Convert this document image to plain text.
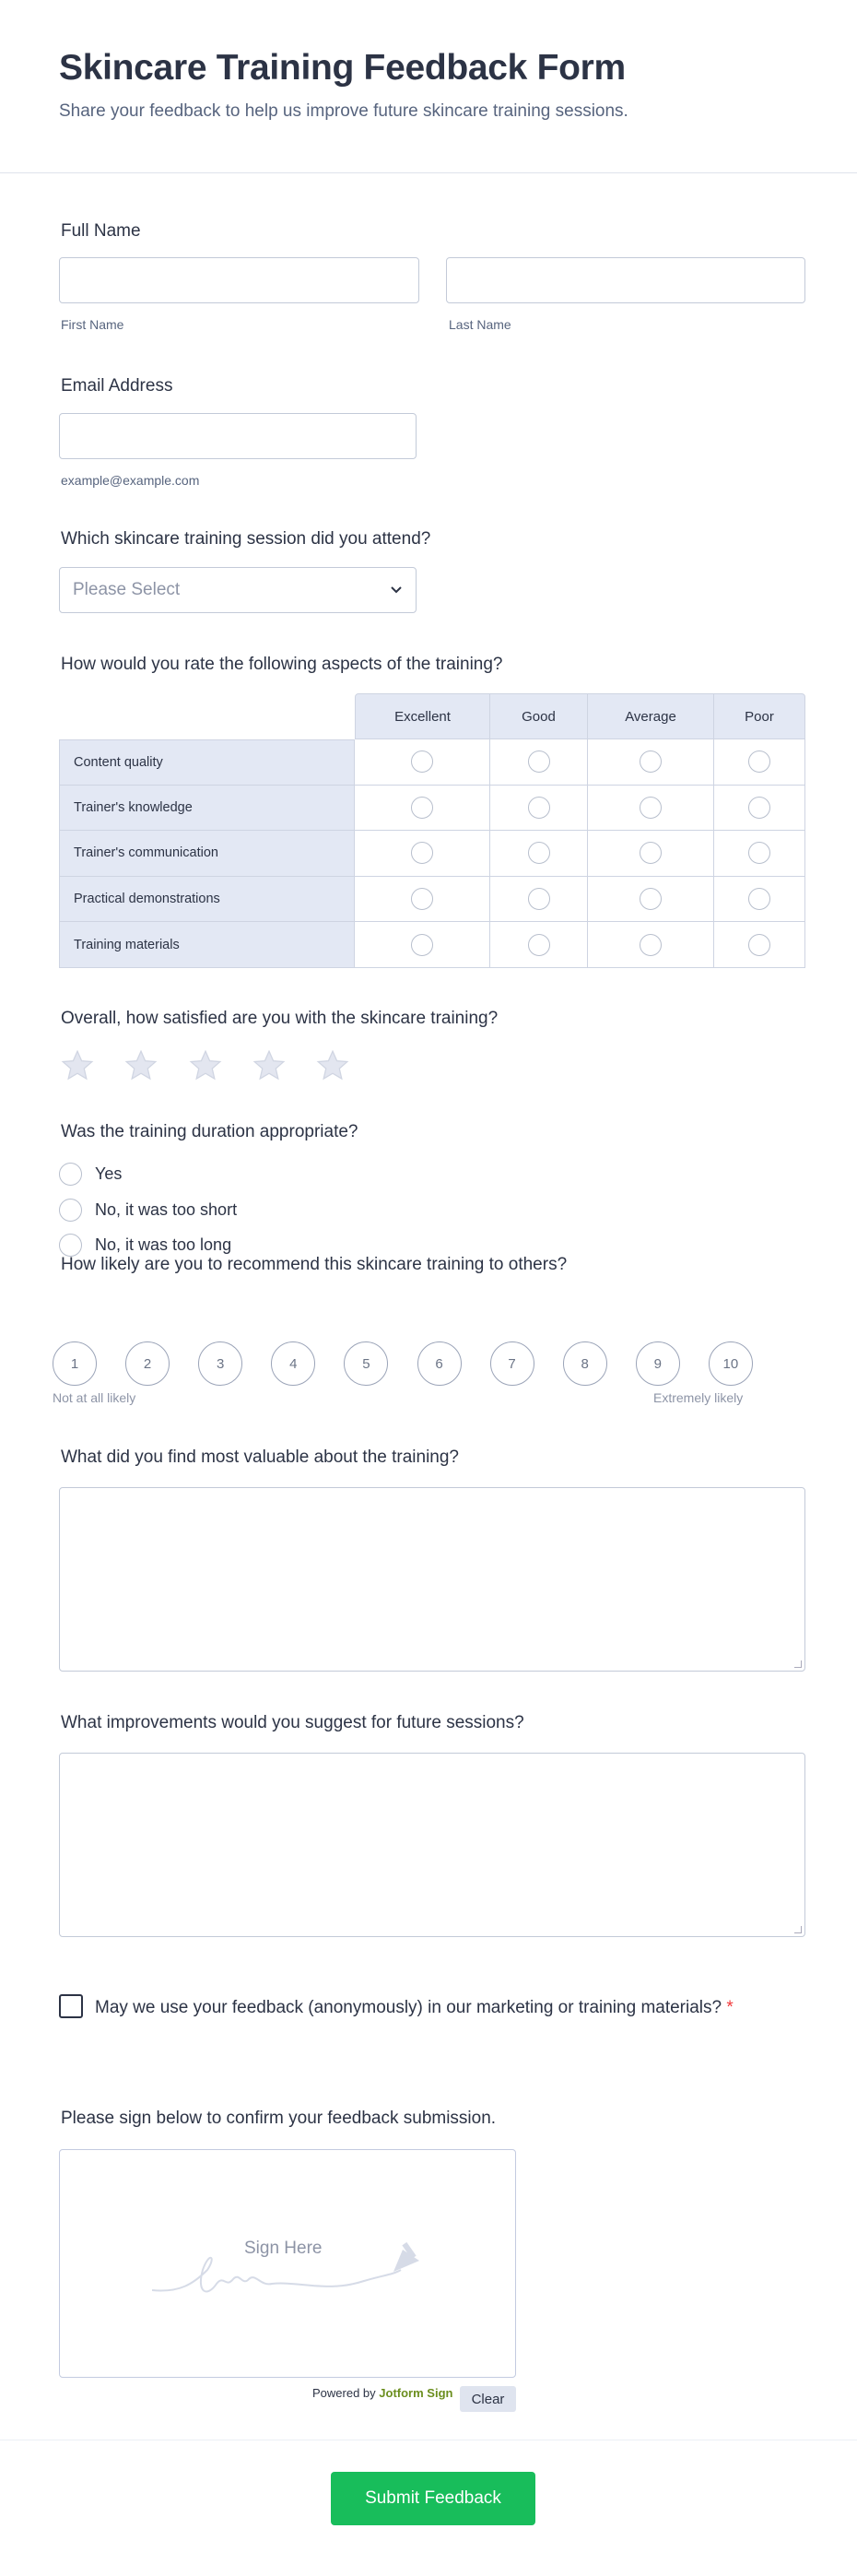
Skincare Training Feedback Form
Share your feedback to help us improve future skincare training sessions.
Full Name
First Name	Last Name
Email Address
example@example.com
Which skincare training session did you attend?
Please Select
How would you rate the following aspects of the training?
	Excellent	Good	Average	Poor
Content quality				
Trainer's knowledge				
Trainer's communication				
Practical demonstrations				
Training materials				
Overall, how satisfied are you with the skincare training?
Was the training duration appropriate?
Yes
No, it was too short
No, it was too long
How likely are you to recommend this skincare training to others?
1	2	3	4	5	6	7	8	9	10
Not at all likely	Extremely likely
What did you find most valuable about the training?
What improvements would you suggest for future sessions?
May we use your feedback (anonymously) in our marketing or training materials? *
Please sign below to confirm your feedback submission.
Sign Here
Powered by Jotform Sign	Clear
Submit Feedback
